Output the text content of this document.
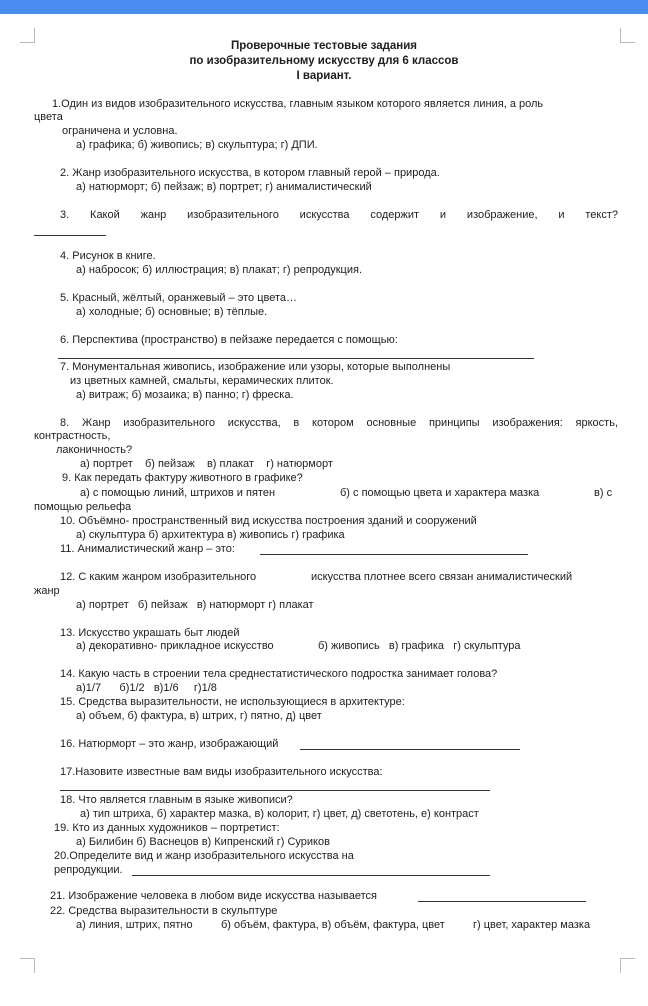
Проверочные тестовые задания
по изобразительному искусству для 6 классов
I вариант.
1.Один из видов изобразительного искусства, главным языком которого является линия, а роль
цвета
ограничена и условна.
а) графика; б) живопись; в) скульптура; г) ДПИ.
2. Жанр изобразительного искусства, в котором главный герой – природа.
а) натюрморт; б) пейзаж; в) портрет; г) анималистический
3. Какой жанр изобразительного искусства содержит и изображение, и текст?
4. Рисунок в книге.
а) набросок; б) иллюстрация; в) плакат; г) репродукция.
5. Красный, жёлтый, оранжевый – это цвета…
а) холодные; б) основные; в) тёплые.
6. Перспектива (пространство) в пейзаже передается с помощью:
7. Монументальная живопись, изображение или узоры, которые выполнены
из цветных камней, смальты, керамических плиток.
а) витраж; б) мозаика; в) панно; г) фреска.
8. Жанр изобразительного искусства, в котором основные принципы изображения: яркость,
контрастность,
лаконичность?
а) портрет    б) пейзаж    в) плакат    г) натюрморт
9. Как передать фактуру животного в графике?
а) с помощью линий, штрихов и пятен	б) с помощью цвета и характера мазка	в) с
помощью рельефа
10. Объёмно- пространственный вид искусства построения зданий и сооружений
а) скульптура б) архитектура в) живопись г) графика
11. Анималистический жанр – это:
12. С каким жанром изобразительного	искусства плотнее всего связан анималистический
жанр
а) портрет   б) пейзаж   в) натюрморт г) плакат
13. Искусство украшать быт людей
а) декоративно- прикладное искусство	б) живопись   в) графика   г) скульптура
14. Какую часть в строении тела среднестатистического подростка занимает голова?
а)1/7      б)1/2   в)1/6     г)1/8
15. Средства выразительности, не использующиеся в архитектуре:
а) объем, б) фактура, в) штрих, г) пятно, д) цвет
16. Натюрморт – это жанр, изображающий
17.Назовите известные вам виды изобразительного искусства:
18. Что является главным в языке живописи?
а) тип штриха, б) характер мазка, в) колорит, г) цвет, д) светотень, е) контраст
19. Кто из данных художников – портретист:
а) Билибин б) Васнецов в) Кипренский г) Суриков
20.Определите вид и жанр изобразительного искусства на
репродукции.
21. Изображение человека в любом виде искусства называется
22. Средства выразительности в скульптуре
а) линия, штрих, пятно	б) объём, фактура, в) объём, фактура, цвет	г) цвет, характер мазка
